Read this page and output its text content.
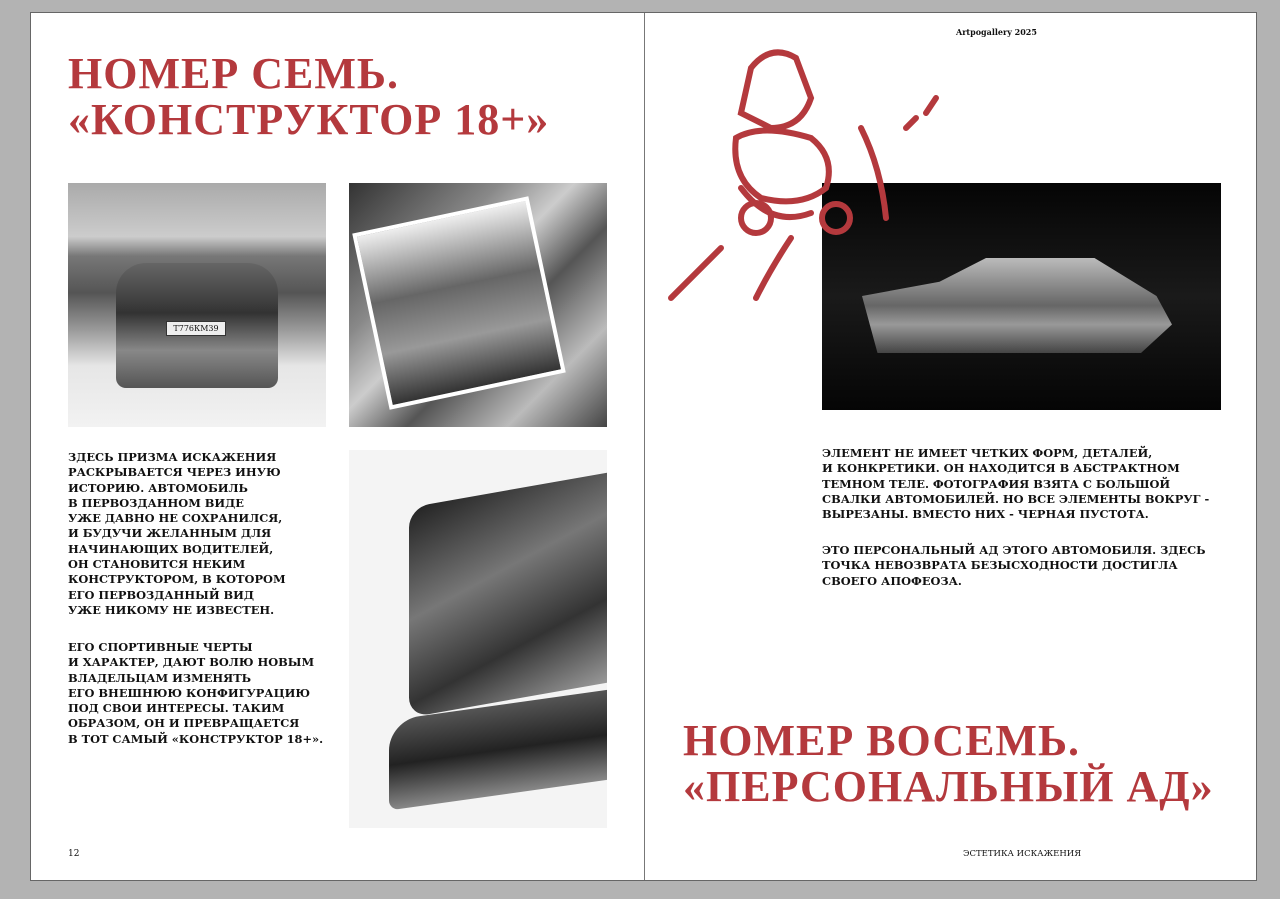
НОМЕР СЕМЬ.
«КОНСТРУКТОР 18+»
Т776КМ39
ЗДЕСЬ ПРИЗМА ИСКАЖЕНИЯ
РАСКРЫВАЕТСЯ ЧЕРЕЗ ИНУЮ
ИСТОРИЮ. АВТОМОБИЛЬ
В ПЕРВОЗДАННОМ ВИДЕ
УЖЕ ДАВНО НЕ СОХРАНИЛСЯ,
И БУДУЧИ ЖЕЛАННЫМ ДЛЯ
НАЧИНАЮЩИХ ВОДИТЕЛЕЙ,
ОН СТАНОВИТСЯ НЕКИМ
КОНСТРУКТОРОМ, В КОТОРОМ
ЕГО ПЕРВОЗДАННЫЙ ВИД
УЖЕ НИКОМУ НЕ ИЗВЕСТЕН.
ЕГО СПОРТИВНЫЕ ЧЕРТЫ
И ХАРАКТЕР, ДАЮТ ВОЛЮ НОВЫМ
ВЛАДЕЛЬЦАМ ИЗМЕНЯТЬ
ЕГО ВНЕШНЮЮ КОНФИГУРАЦИЮ
ПОД СВОИ ИНТЕРЕСЫ. ТАКИМ
ОБРАЗОМ, ОН И ПРЕВРАЩАЕТСЯ
В ТОТ САМЫЙ «КОНСТРУКТОР 18+».
12
Artpogallery 2025
ЭЛЕМЕНТ НЕ ИМЕЕТ ЧЕТКИХ ФОРМ, ДЕТАЛЕЙ,
И КОНКРЕТИКИ. ОН НАХОДИТСЯ В АБСТРАКТНОМ
ТЕМНОМ ТЕЛЕ. ФОТОГРАФИЯ ВЗЯТА С БОЛЬШОЙ
СВАЛКИ АВТОМОБИЛЕЙ. НО ВСЕ ЭЛЕМЕНТЫ ВОКРУГ -
ВЫРЕЗАНЫ. ВМЕСТО НИХ - ЧЕРНАЯ ПУСТОТА.
ЭТО ПЕРСОНАЛЬНЫЙ АД ЭТОГО АВТОМОБИЛЯ. ЗДЕСЬ
ТОЧКА НЕВОЗВРАТА БЕЗЫСХОДНОСТИ ДОСТИГЛА
СВОЕГО АПОФЕОЗА.
НОМЕР ВОСЕМЬ.
«ПЕРСОНАЛЬНЫЙ АД»
ЭСТЕТИКА ИСКАЖЕНИЯ
